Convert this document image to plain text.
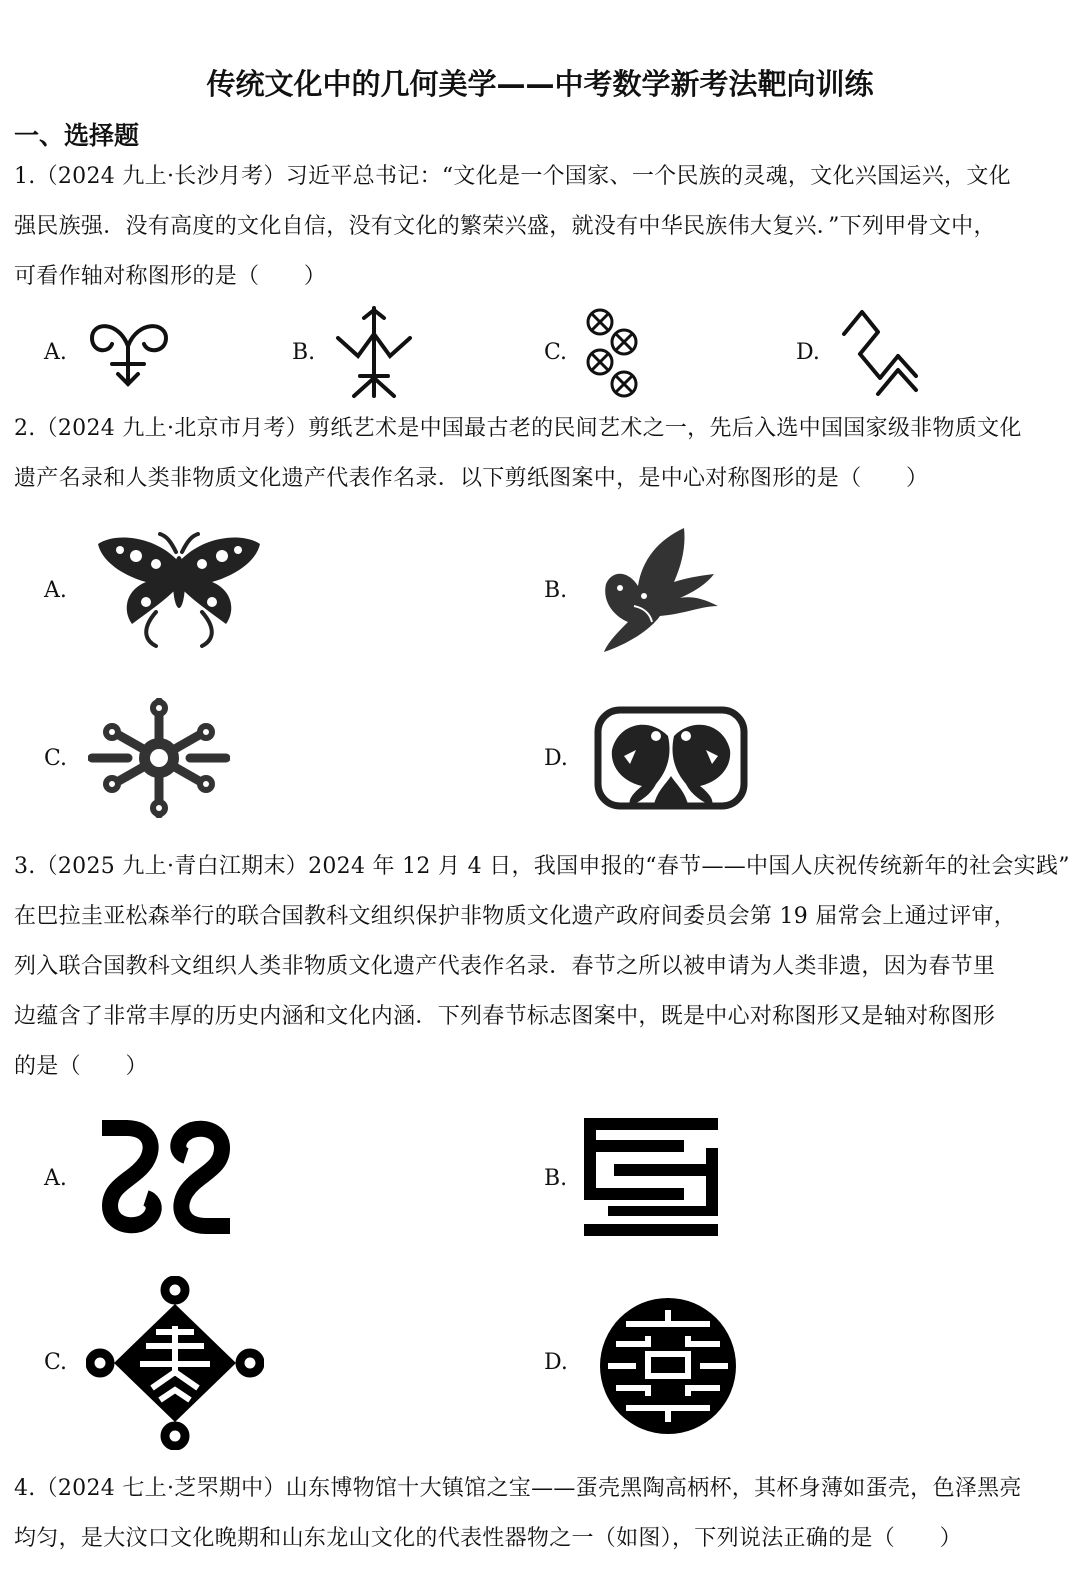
传统文化中的几何美学——中考数学新考法靶向训练
一、选择题
1.（2024 九上·长沙月考）习近平总书记：“文化是一个国家、一个民族的灵魂，文化兴国运兴，文化
强民族强．没有高度的文化自信，没有文化的繁荣兴盛，就没有中华民族伟大复兴．”下列甲骨文中，
可看作轴对称图形的是（　　）
A.	B.	C.	D.
2.（2024 九上·北京市月考）剪纸艺术是中国最古老的民间艺术之一，先后入选中国国家级非物质文化
遗产名录和人类非物质文化遗产代表作名录．以下剪纸图案中，是中心对称图形的是（　　）
A.	B.
C.	D.
3.（2025 九上·青白江期末）2024 年 12 月 4 日，我国申报的“春节——中国人庆祝传统新年的社会实践”
在巴拉圭亚松森举行的联合国教科文组织保护非物质文化遗产政府间委员会第 19 届常会上通过评审，
列入联合国教科文组织人类非物质文化遗产代表作名录．春节之所以被申请为人类非遗，因为春节里
边蕴含了非常丰厚的历史内涵和文化内涵．下列春节标志图案中，既是中心对称图形又是轴对称图形
的是（　　）
A.	B.
C.	D.
4.（2024 七上·芝罘期中）山东博物馆十大镇馆之宝——蛋壳黑陶高柄杯，其杯身薄如蛋壳，色泽黑亮
均匀，是大汶口文化晚期和山东龙山文化的代表性器物之一（如图），下列说法正确的是（　　）
